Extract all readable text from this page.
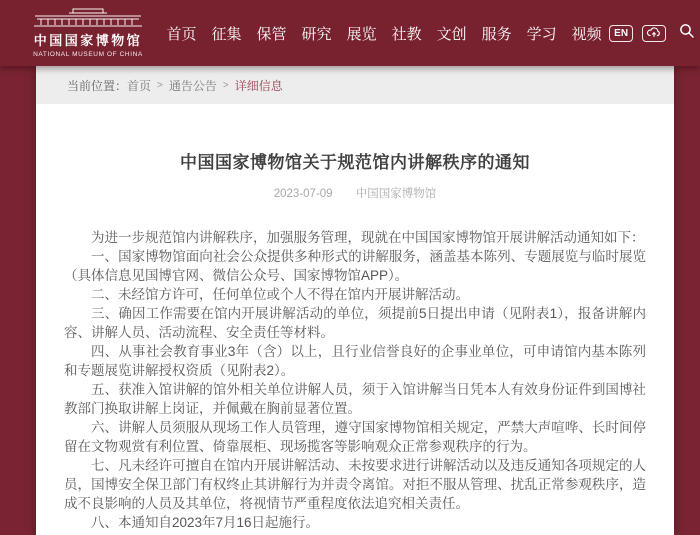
中国国家博物馆
NATIONAL MUSEUM OF CHINA
首页	征集	保管	研究	展览	社教	文创	服务	学习	视频	EN
当前位置： 首页 > 通告公告 > 详细信息
中国国家博物馆关于规范馆内讲解秩序的通知
2023-07-09 中国国家博物馆

为进一步规范馆内讲解秩序，加强服务管理，现就在中国国家博物馆开展讲解活动通知如下：

一、国家博物馆面向社会公众提供多种形式的讲解服务，涵盖基本陈列、专题展览与临时展览（具体信息见国博官网、微信公众号、国家博物馆APP）。

二、未经馆方许可，任何单位或个人不得在馆内开展讲解活动。

三、确因工作需要在馆内开展讲解活动的单位，须提前5日提出申请（见附表1），报备讲解内容、讲解人员、活动流程、安全责任等材料。

四、从事社会教育事业3年（含）以上，且行业信誉良好的企事业单位，可申请馆内基本陈列和专题展览讲解授权资质（见附表2）。

五、获准入馆讲解的馆外相关单位讲解人员，须于入馆讲解当日凭本人有效身份证件到国博社教部门换取讲解上岗证，并佩戴在胸前显著位置。

六、讲解人员须服从现场工作人员管理，遵守国家博物馆相关规定，严禁大声喧哗、长时间停留在文物观赏有利位置、倚靠展柜、现场揽客等影响观众正常参观秩序的行为。

七、凡未经许可擅自在馆内开展讲解活动、未按要求进行讲解活动以及违反通知各项规定的人员，国博安全保卫部门有权终止其讲解行为并责令离馆。对拒不服从管理、扰乱正常参观秩序，造成不良影响的人员及其单位，将视情节严重程度依法追究相关责任。

八、本通知自2023年7月16日起施行。
